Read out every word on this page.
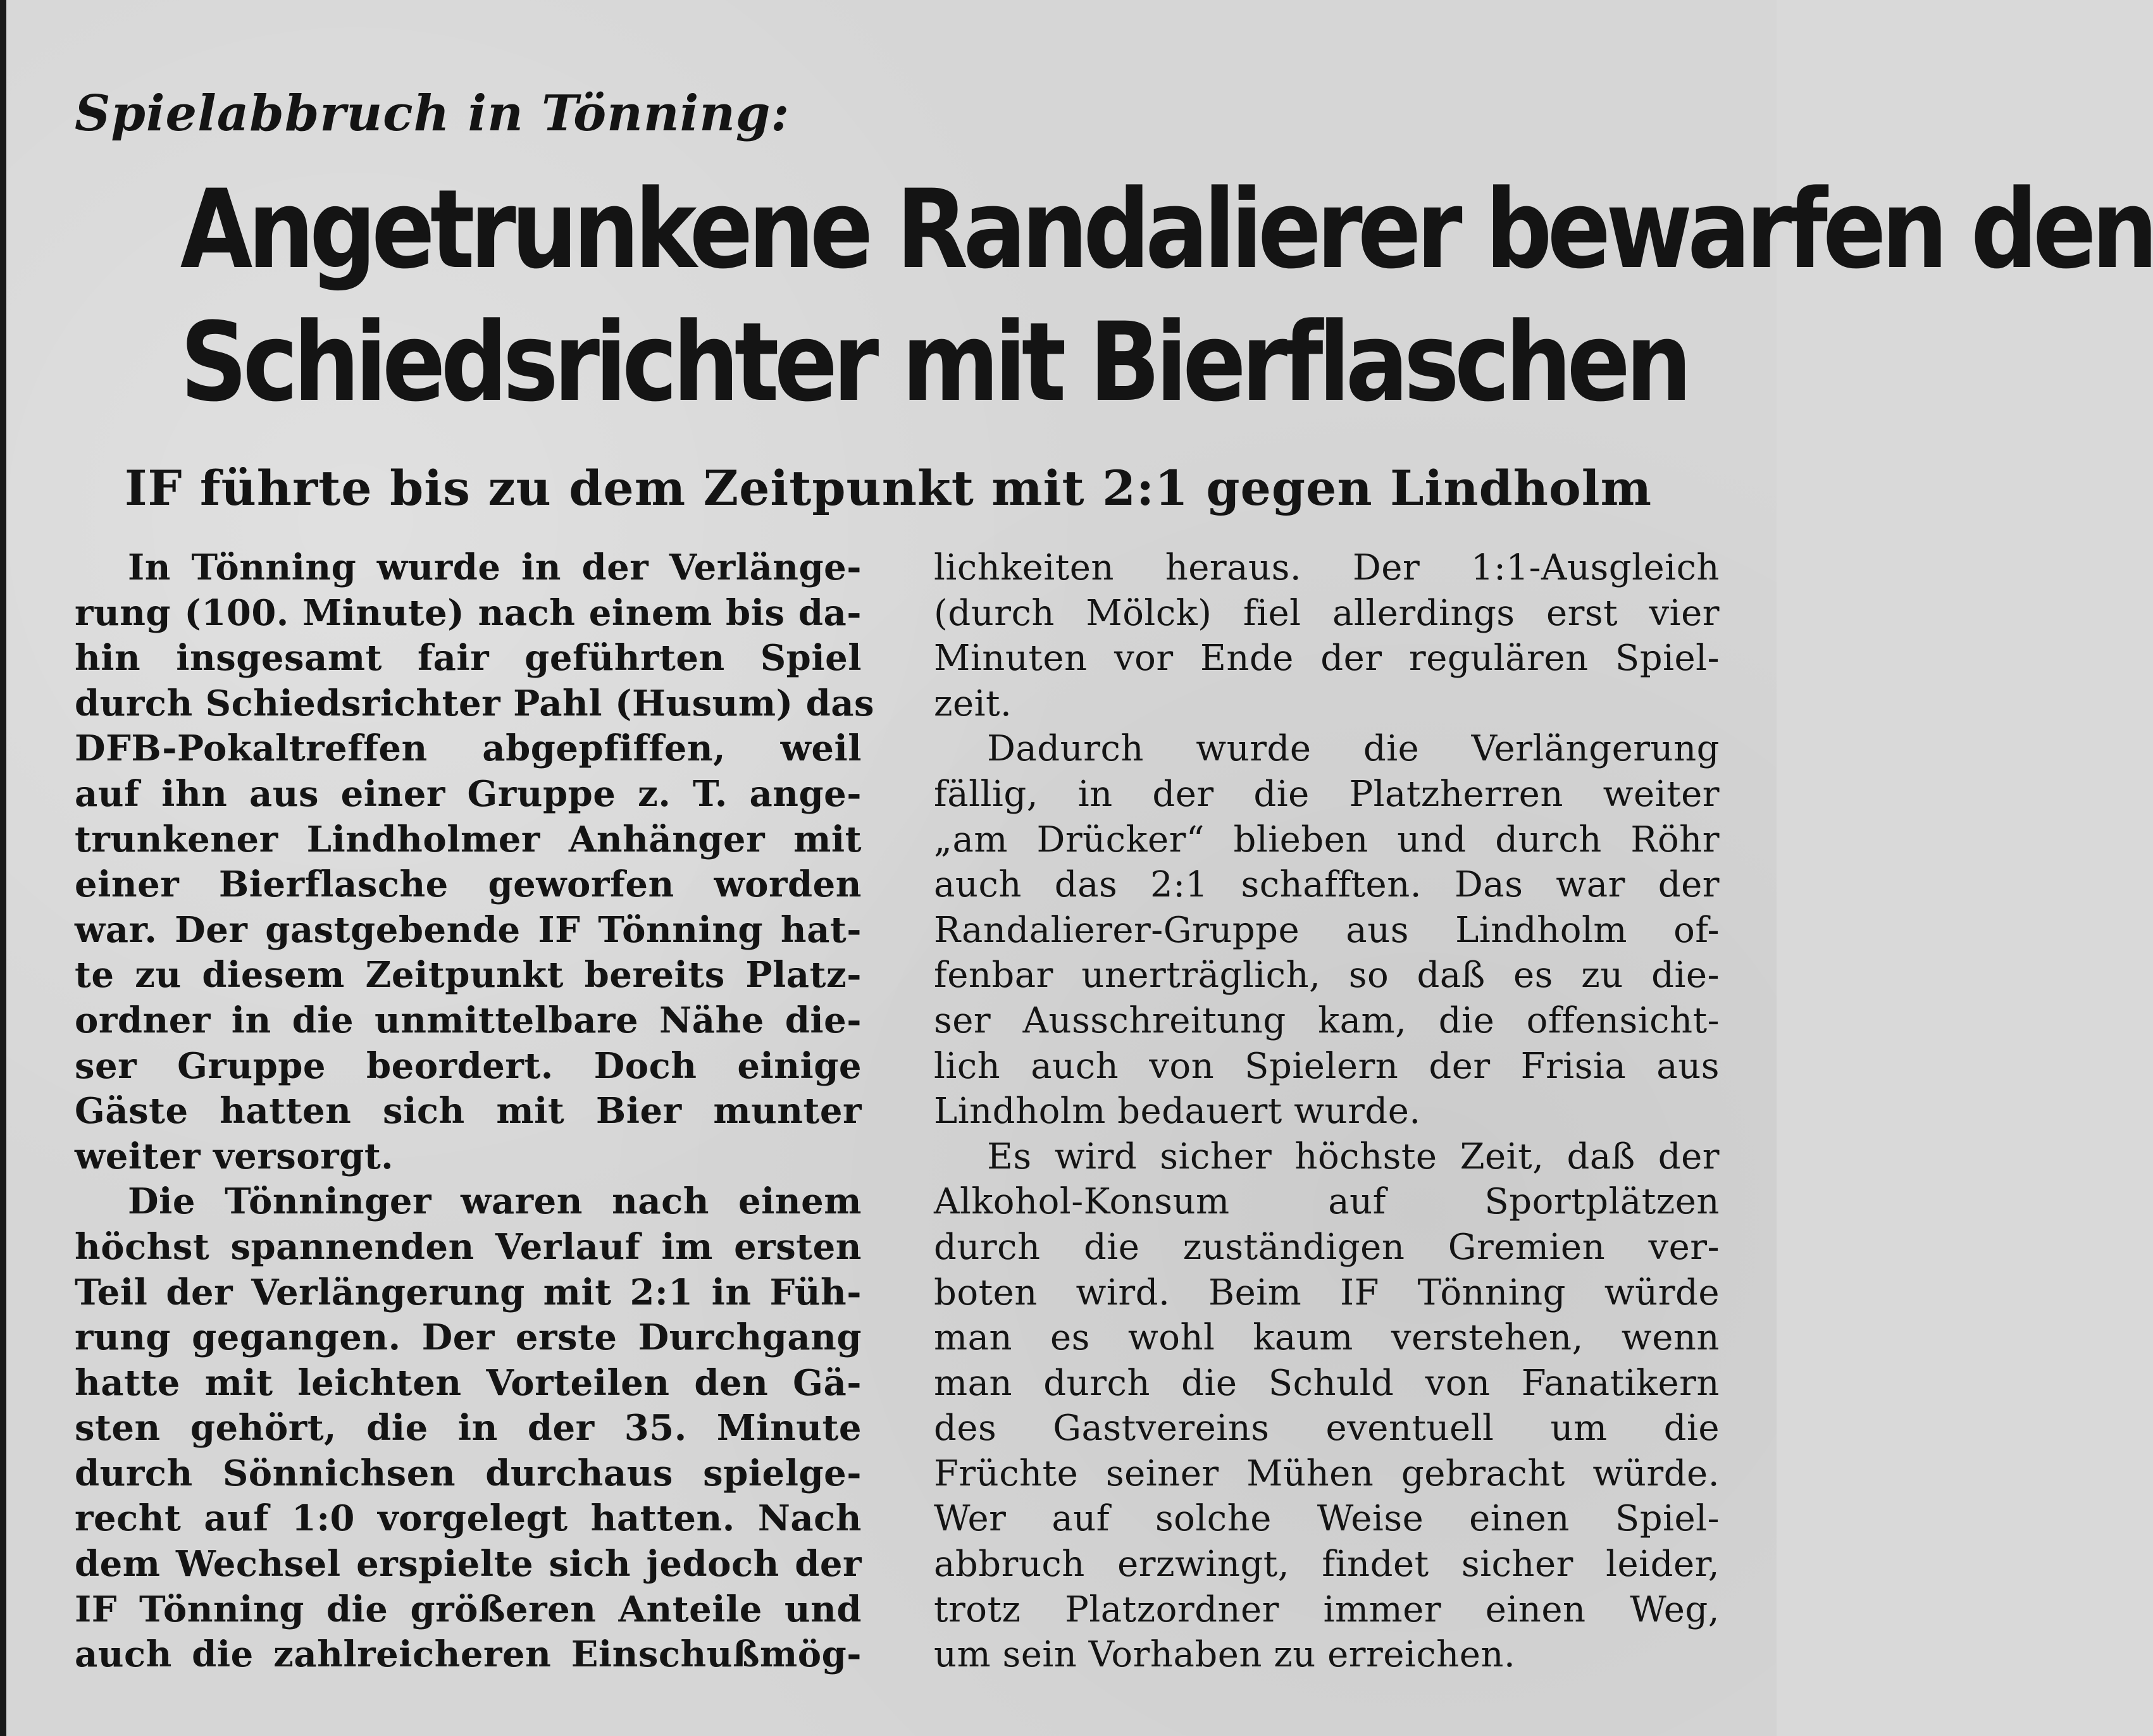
Spielabbruch in Tönning:
Angetrunkene Randalierer bewarfen den
Schiedsrichter mit Bierflaschen
IF führte bis zu dem Zeitpunkt mit 2:1 gegen Lindholm
In Tönning wurde in der Verlänge-
rung (100. Minute) nach einem bis da-
hin insgesamt fair geführten Spiel
durch Schiedsrichter Pahl (Husum) das
DFB-Pokaltreffen abgepfiffen, weil
auf ihn aus einer Gruppe z. T. ange-
trunkener Lindholmer Anhänger mit
einer Bierflasche geworfen worden
war. Der gastgebende IF Tönning hat-
te zu diesem Zeitpunkt bereits Platz-
ordner in die unmittelbare Nähe die-
ser Gruppe beordert. Doch einige
Gäste hatten sich mit Bier munter
weiter versorgt.
Die Tönninger waren nach einem
höchst spannenden Verlauf im ersten
Teil der Verlängerung mit 2:1 in Füh-
rung gegangen. Der erste Durchgang
hatte mit leichten Vorteilen den Gä-
sten gehört, die in der 35. Minute
durch Sönnichsen durchaus spielge-
recht auf 1:0 vorgelegt hatten. Nach
dem Wechsel erspielte sich jedoch der
IF Tönning die größeren Anteile und
auch die zahlreicheren Einschußmög-
lichkeiten heraus. Der 1:1-Ausgleich
(durch Mölck) fiel allerdings erst vier
Minuten vor Ende der regulären Spiel-
zeit.
Dadurch wurde die Verlängerung
fällig, in der die Platzherren weiter
„am Drücker“ blieben und durch Röhr
auch das 2:1 schafften. Das war der
Randalierer-Gruppe aus Lindholm of-
fenbar unerträglich, so daß es zu die-
ser Ausschreitung kam, die offensicht-
lich auch von Spielern der Frisia aus
Lindholm bedauert wurde.
Es wird sicher höchste Zeit, daß der
Alkohol-Konsum auf Sportplätzen
durch die zuständigen Gremien ver-
boten wird. Beim IF Tönning würde
man es wohl kaum verstehen, wenn
man durch die Schuld von Fanatikern
des Gastvereins eventuell um die
Früchte seiner Mühen gebracht würde.
Wer auf solche Weise einen Spiel-
abbruch erzwingt, findet sicher leider,
trotz Platzordner immer einen Weg,
um sein Vorhaben zu erreichen.
